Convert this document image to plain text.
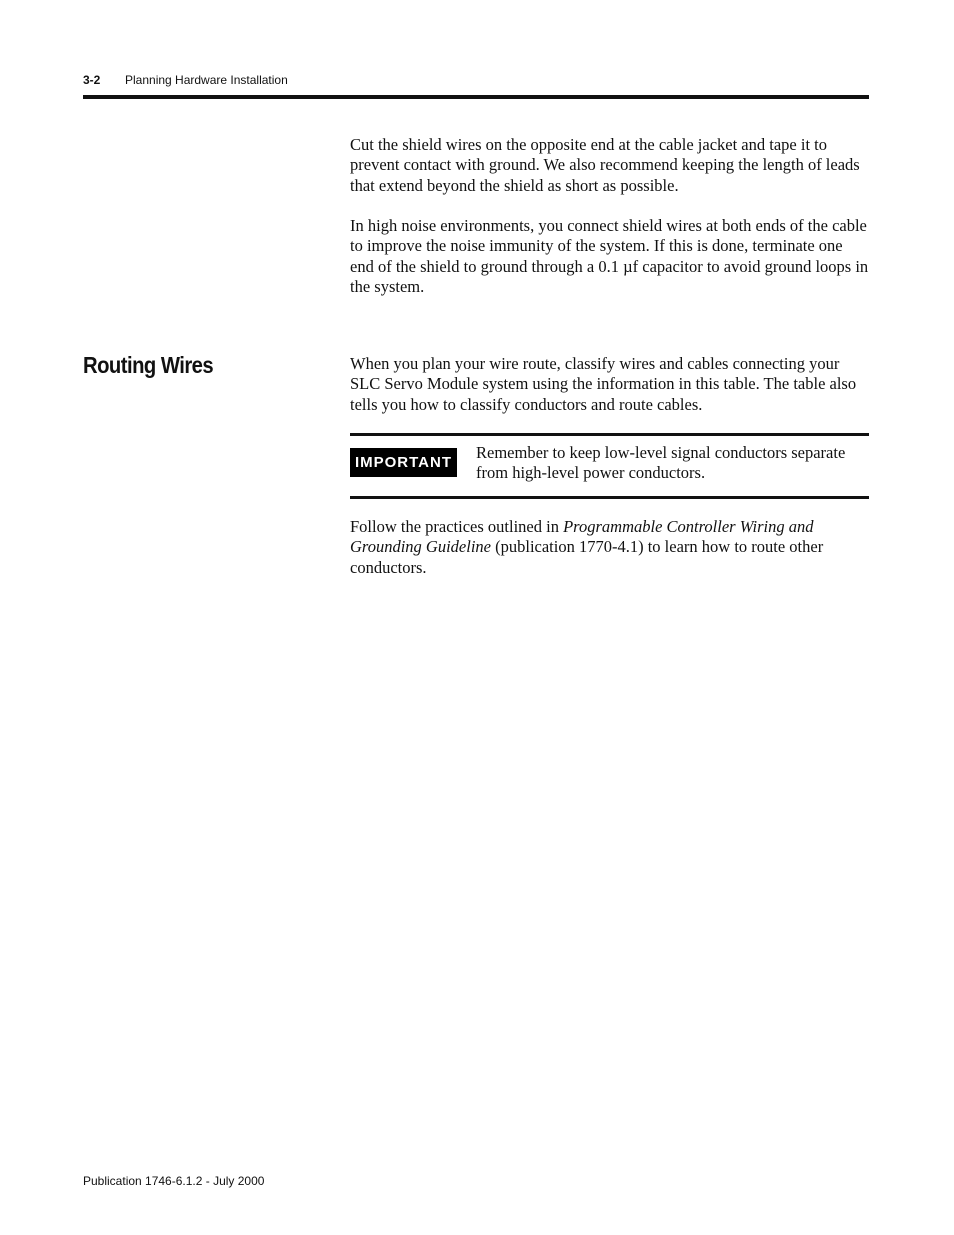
3-2 Planning Hardware Installation

Cut the shield wires on the opposite end at the cable jacket and tape it to prevent contact with ground. We also recommend keeping the length of leads that extend beyond the shield as short as possible.

In high noise environments, you connect shield wires at both ends of the cable to improve the noise immunity of the system. If this is done, terminate one end of the shield to ground through a 0.1 µf capacitor to avoid ground loops in the system.

Routing Wires	When you plan your wire route, classify wires and cables connecting your SLC Servo Module system using the information in this table. The table also tells you how to classify conductors and route cables.

IMPORTANT

Remember to keep low-level signal conductors separate from high-level power conductors.

Follow the practices outlined in Programmable Controller Wiring and Grounding Guideline (publication 1770-4.1) to learn how to route other conductors.

Publication 1746-6.1.2 - July 2000
